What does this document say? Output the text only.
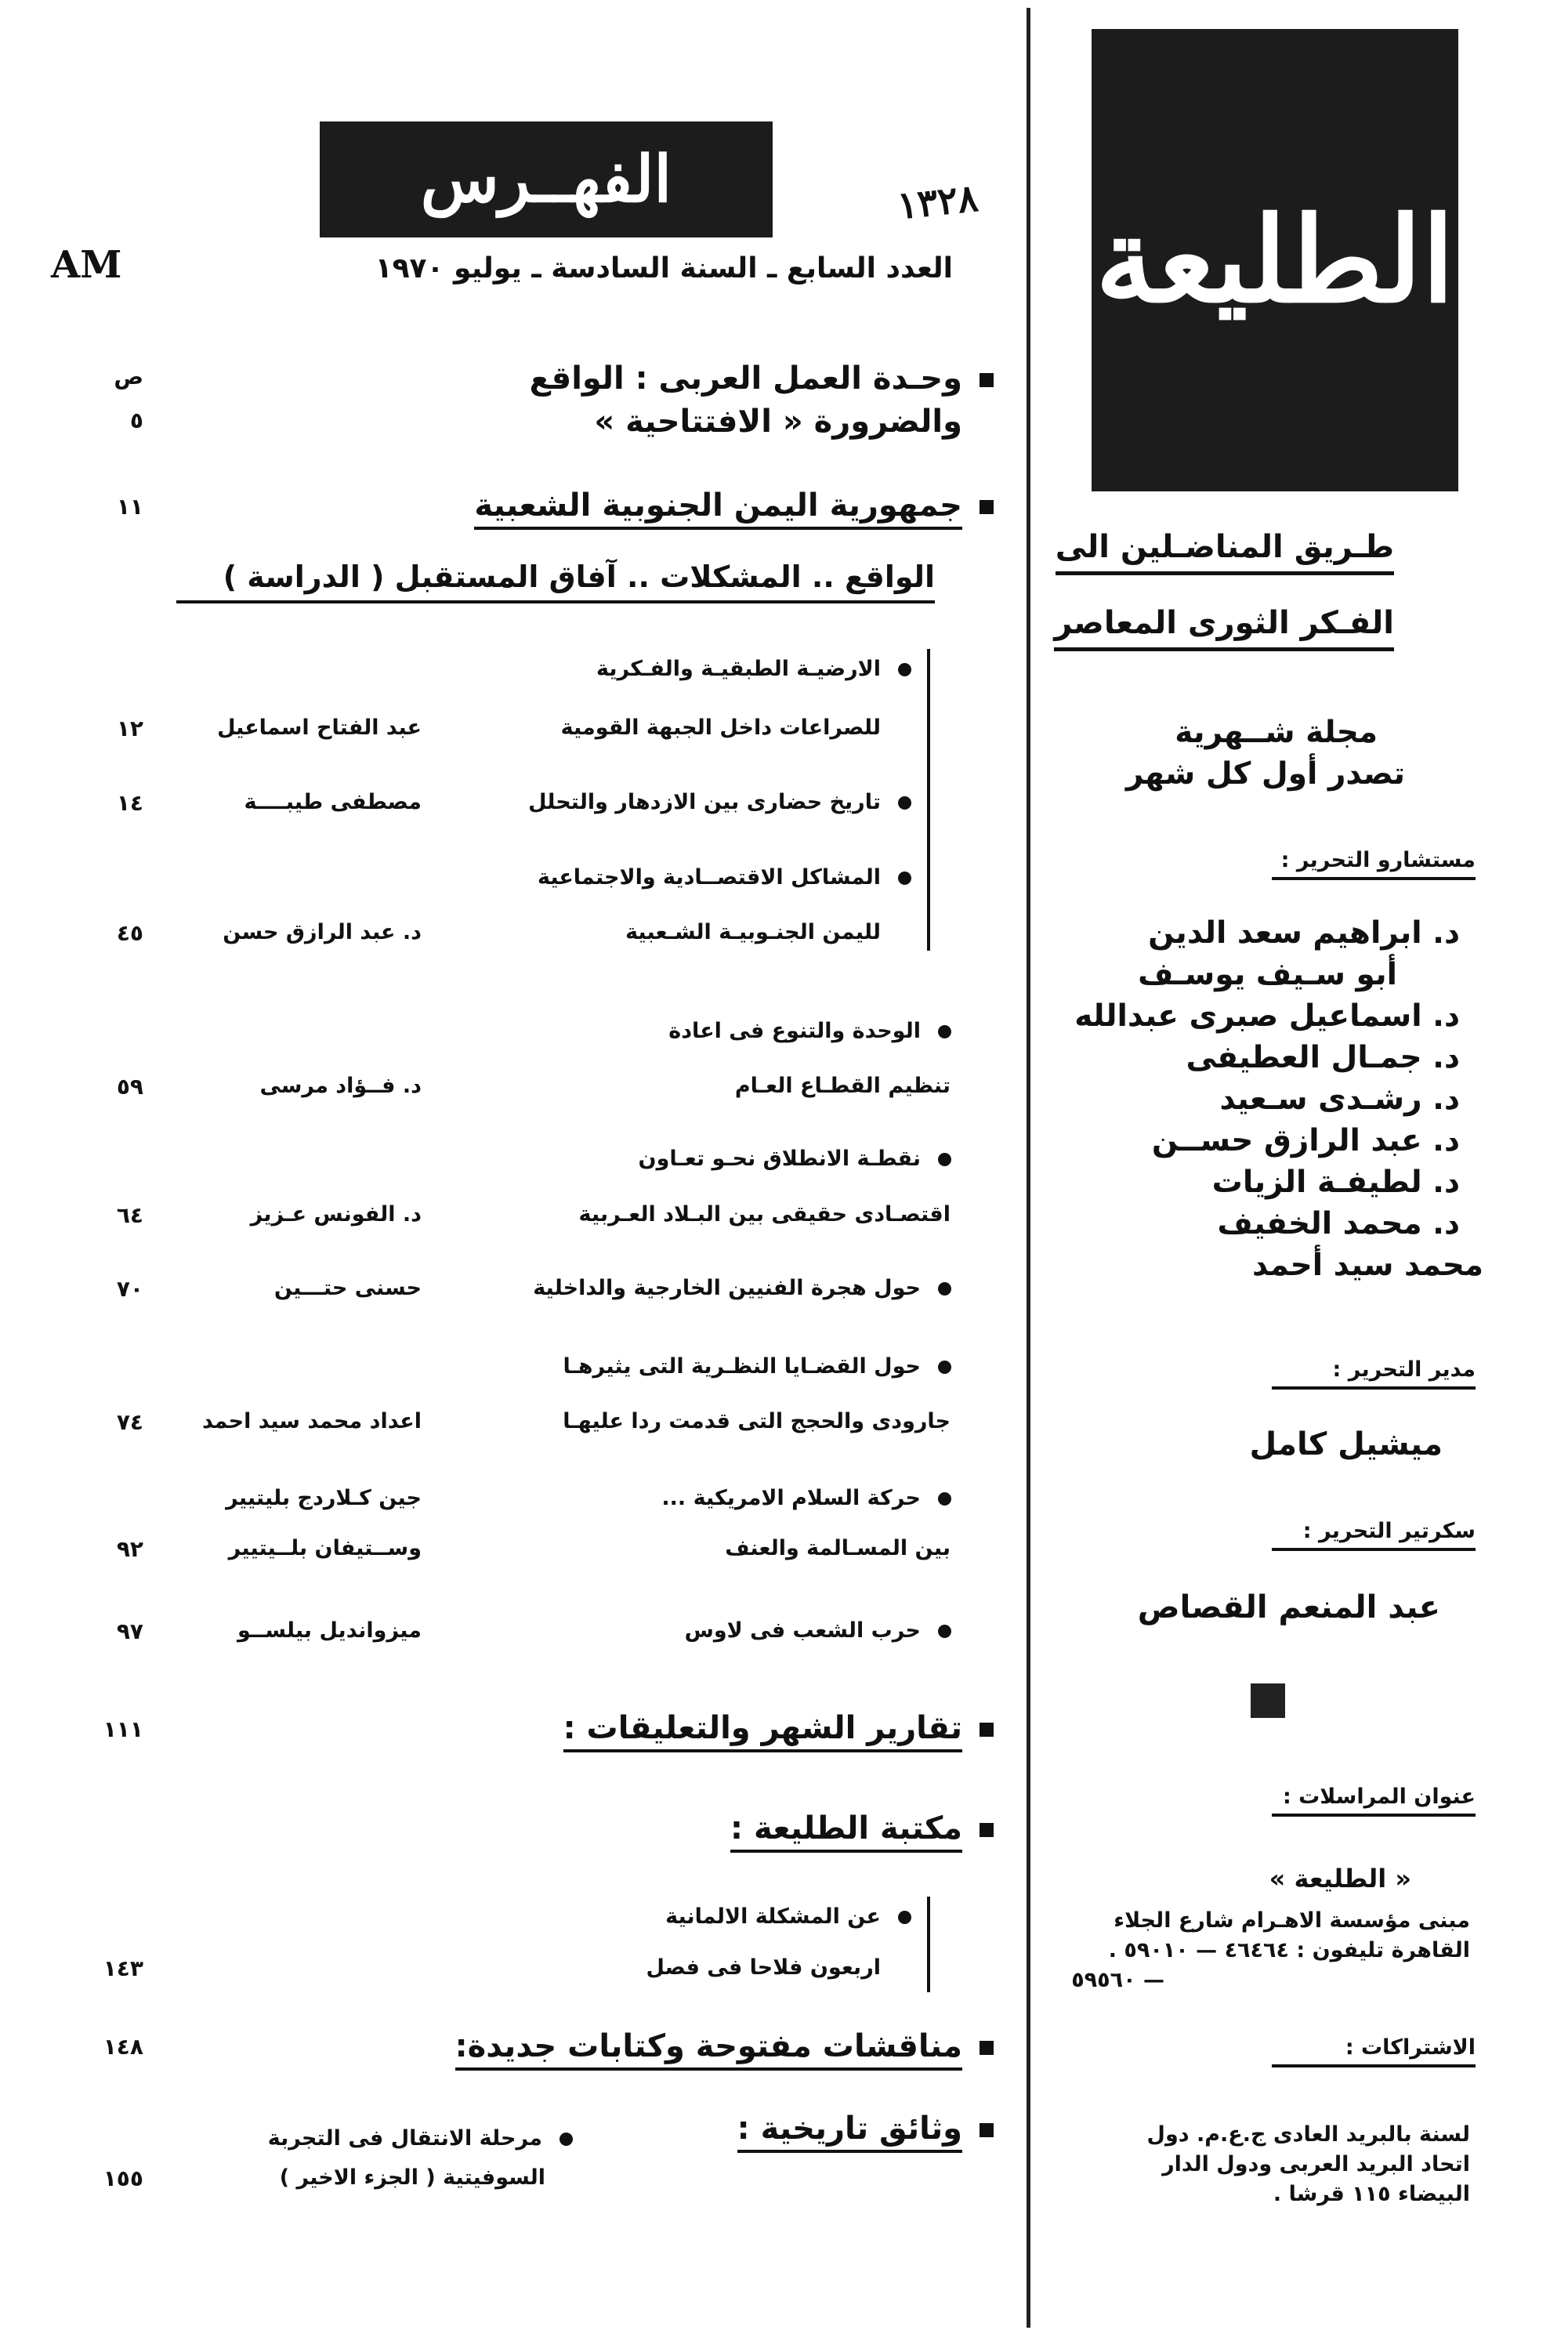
الطليعة
طـريق المناضـلين الى
الفـكر الثورى المعاصر
مجلة شــهرية
تصدر أول كل شهر
مستشارو التحرير :
د. ابراهيم سعد الدين
أبو سـيف يوسـف
د. اسماعيل صبرى عبدالله
د. جمـال العطيفى
د. رشـدى سـعيد
د. عبد الرازق حســن
د. لطيفـة الزيات
د. محمد الخفيف
محمد سيد أحمد
مدير التحرير :
ميشيل كامل
سكرتير التحرير :
عبد المنعم القصاص
عنوان المراسلات :
« الطليعة »
مبنى مؤسسة الاهـرام شارع الجلاء
القاهرة تليفون : ٤٦٤٦٤ — ٥٩٠١٠ .
— ٥٩٥٦٠
الاشتراكات :
لسنة بالبريد العادى ج.ع.م. دول
اتحاد البريد العربى ودول الدار
البيضاء ١١٥ قرشا .
الفهــرس	١٣٢٨
AM	العدد السابع ـ السنة السادسة ـ يوليو ١٩٧٠
وحـدة العمل العربى : الواقع
والضرورة « الافتتاحية »
ص
٥
جمهورية اليمن الجنوبية الشعبية
١١
الواقع .. المشكلات .. آفاق المستقبل ( الدراسة )
الارضيـة الطبقيـة والفـكرية
للصراعات داخل الجبهة القومية
عبد الفتاح اسماعيل
١٢
تاريخ حضارى بين الازدهار والتحلل
مصطفى طيبــــة
١٤
المشاكل الاقتصــادية والاجتماعية
لليمن الجنـوبيـة الشـعبية
د. عبد الرازق حسن
٤٥
الوحدة والتنوع فى اعادة
تنظيم القطـاع العـام
د. فــؤاد مرسى
٥٩
نقطـة الانطلاق نحـو تعـاون
اقتصـادى حقيقى بين البـلاد العـربية
د. الفونس عـزيز
٦٤
حول هجرة الفنيين الخارجية والداخلية
حسنى حتـــين
٧٠
حول القضـايا النظـرية التى يثيرهـا
جارودى والحجج التى قدمت ردا عليهـا
اعداد محمد سيد احمد
٧٤
حركة السلام الامريكية ...
جين كـلاردج بليتيير
بين المسـالمة والعنف
وســتيفان بلــيتيير
٩٢
حرب الشعب فى لاوس
ميزوانديل بيلســو
٩٧
تقارير الشهر والتعليقات :
١١١
مكتبة الطليعة :
عن المشكلة الالمانية
اربعون فلاحا فى فصل
١٤٣
مناقشات مفتوحة وكتابات جديدة:
١٤٨
وثائق تاريخية :
مرحلة الانتقال فى التجربة
السوفيتية ( الجزء الاخير )
١٥٥
